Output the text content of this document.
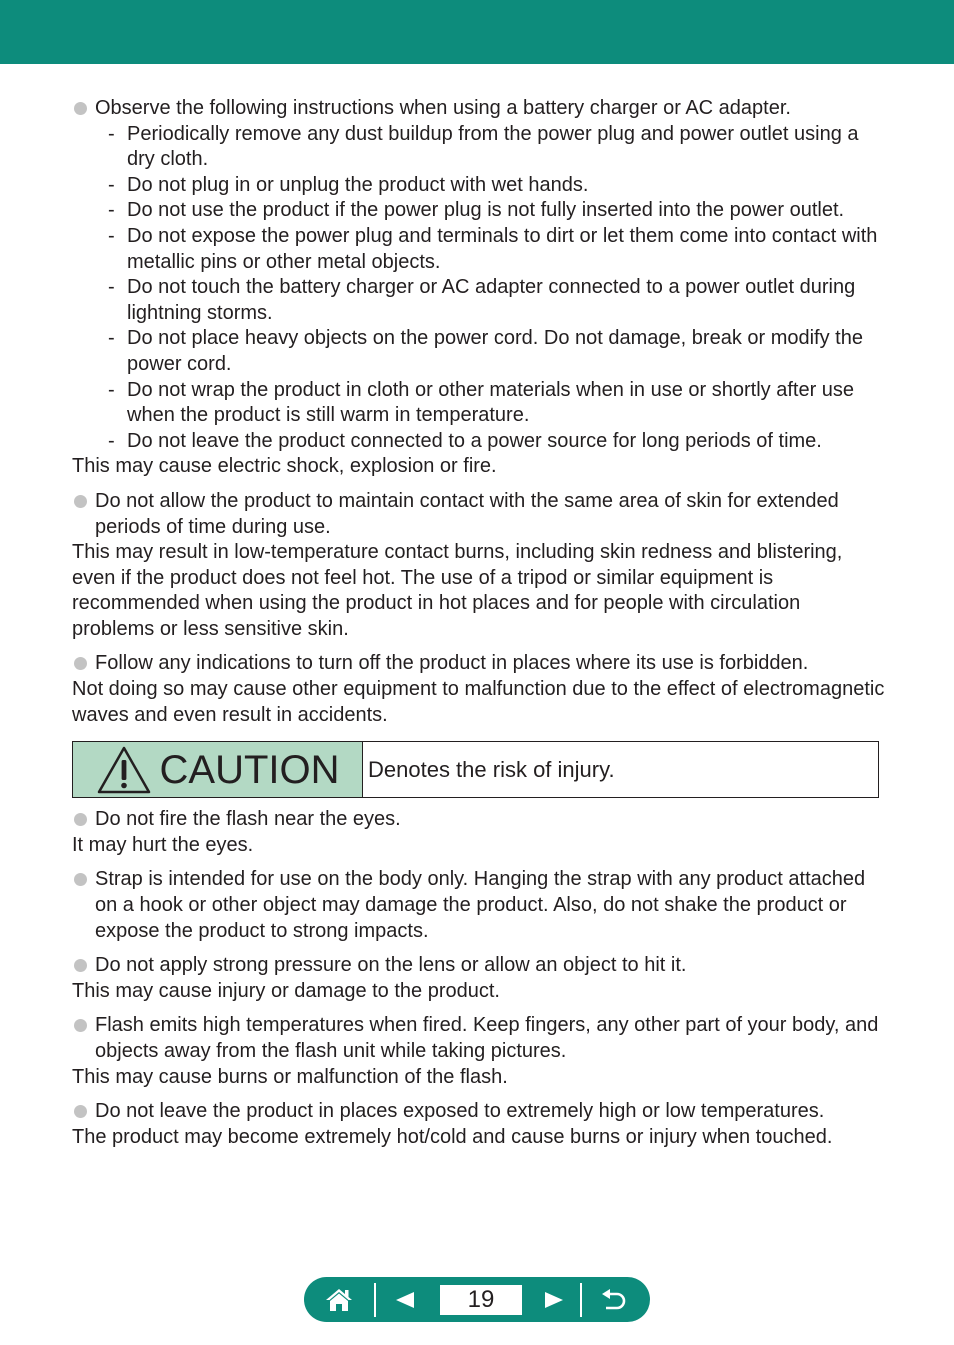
Observe the following instructions when using a battery charger or AC adapter.
- Periodically remove any dust buildup from the power plug and power outlet using a dry cloth.
- Do not plug in or unplug the product with wet hands.
- Do not use the product if the power plug is not fully inserted into the power outlet.
- Do not expose the power plug and terminals to dirt or let them come into contact with metallic pins or other metal objects.
- Do not touch the battery charger or AC adapter connected to a power outlet during lightning storms.
- Do not place heavy objects on the power cord. Do not damage, break or modify the power cord.
- Do not wrap the product in cloth or other materials when in use or shortly after use when the product is still warm in temperature.
- Do not leave the product connected to a power source for long periods of time.
This may cause electric shock, explosion or fire.
Do not allow the product to maintain contact with the same area of skin for extended periods of time during use.
This may result in low-temperature contact burns, including skin redness and blistering, even if the product does not feel hot. The use of a tripod or similar equipment is recommended when using the product in hot places and for people with circulation problems or less sensitive skin.
Follow any indications to turn off the product in places where its use is forbidden.
Not doing so may cause other equipment to malfunction due to the effect of electromagnetic waves and even result in accidents.
CAUTION Denotes the risk of injury.
Do not fire the flash near the eyes.
It may hurt the eyes.
Strap is intended for use on the body only. Hanging the strap with any product attached on a hook or other object may damage the product. Also, do not shake the product or expose the product to strong impacts.
Do not apply strong pressure on the lens or allow an object to hit it.
This may cause injury or damage to the product.
Flash emits high temperatures when fired. Keep fingers, any other part of your body, and objects away from the flash unit while taking pictures.
This may cause burns or malfunction of the flash.
Do not leave the product in places exposed to extremely high or low temperatures.
The product may become extremely hot/cold and cause burns or injury when touched.
19
